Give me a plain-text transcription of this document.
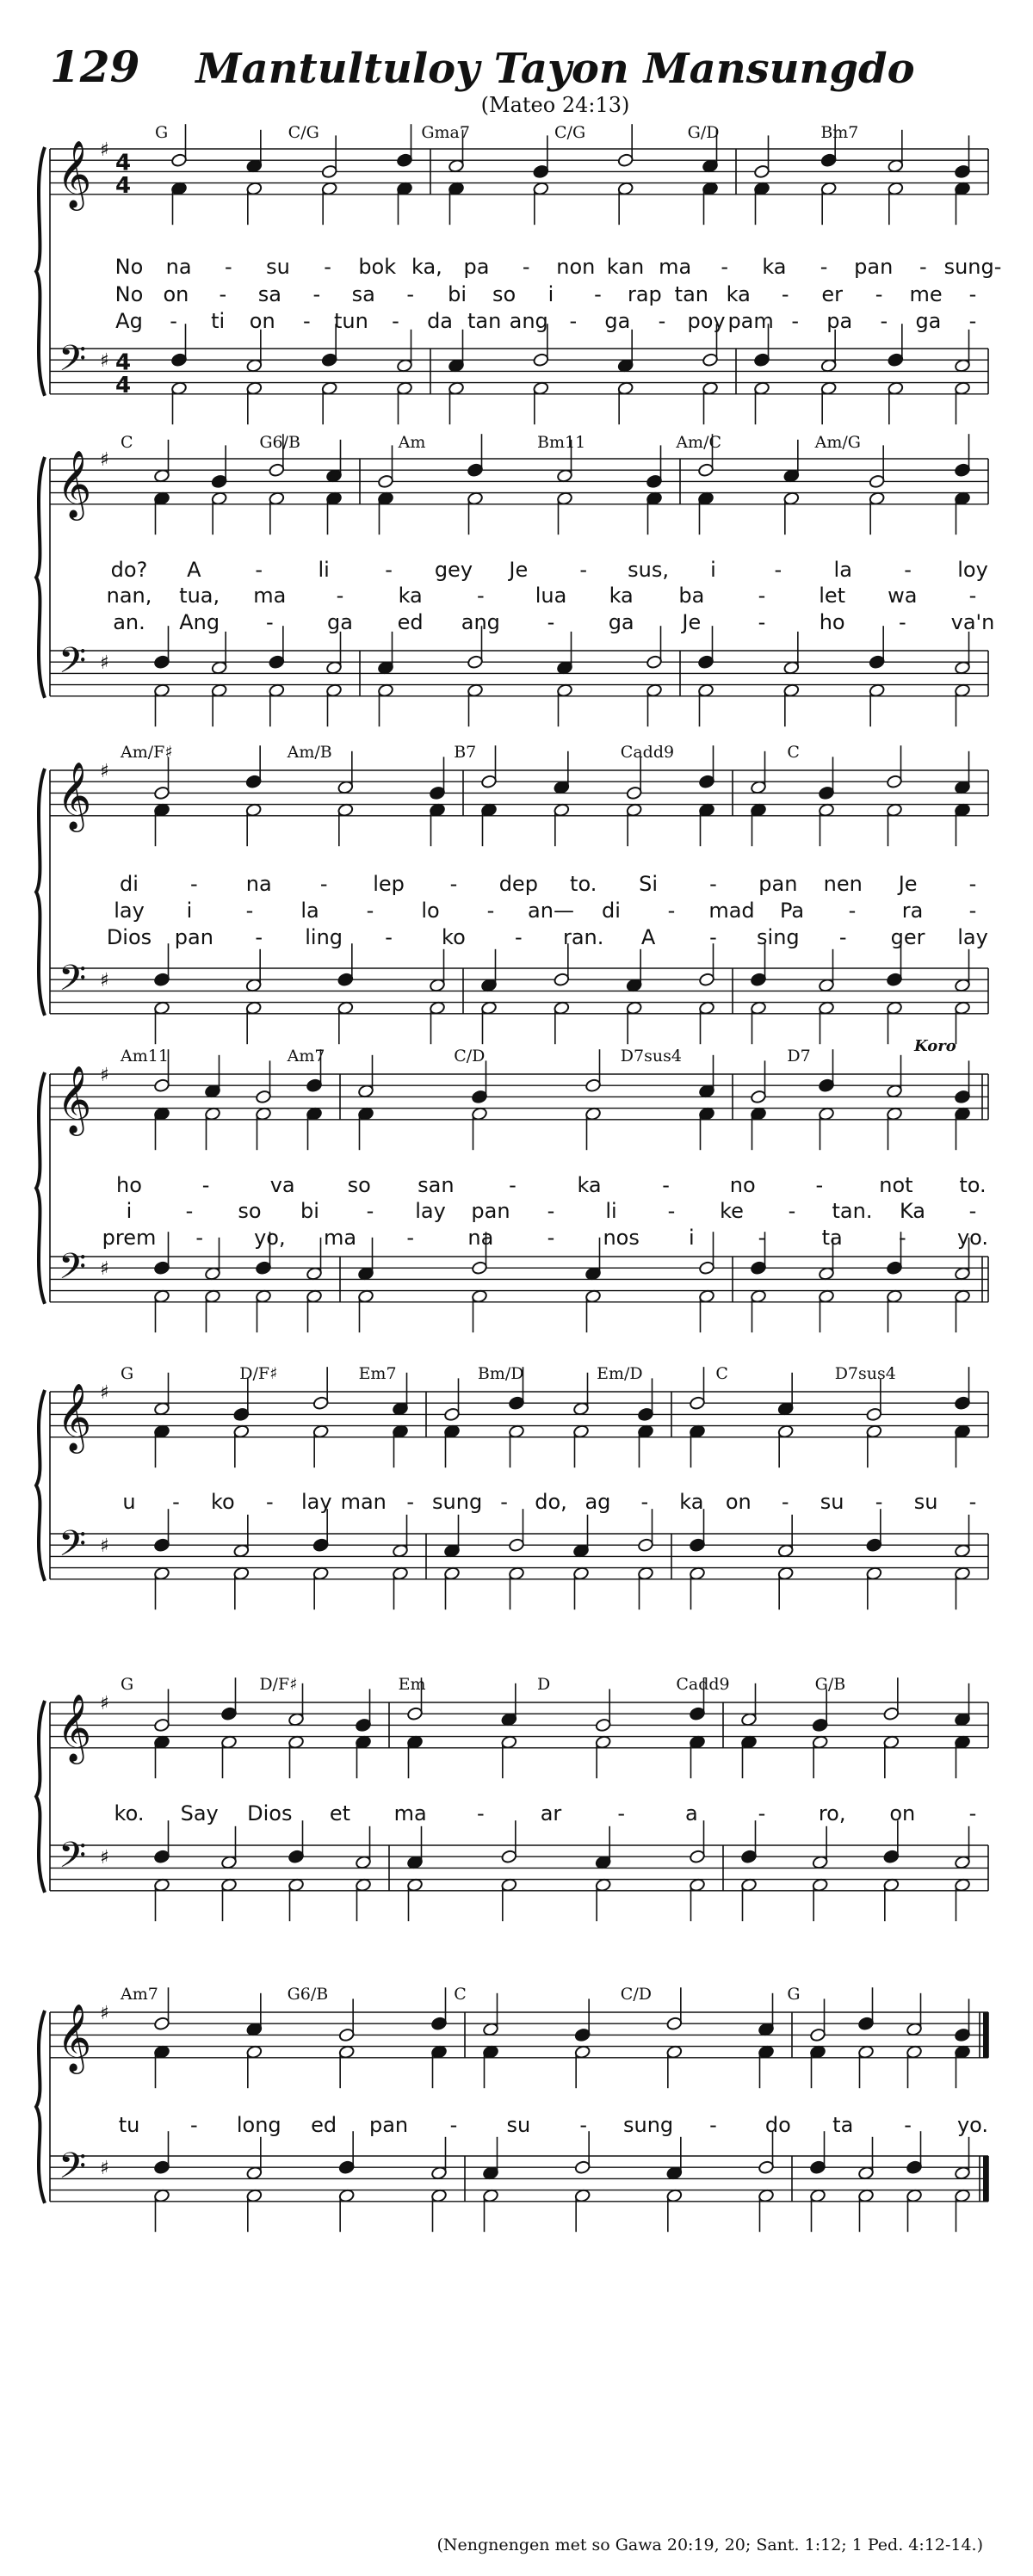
129	Mantultuloy Tayon Mansungdo
(Mateo 24:13)
𝄞
𝄢
♯
♯
4
4
4
4
G	C/G	Gma7	C/G	G/D	Bm7
No na - su - bok ka, pa - non kan ma - ka - pan - sung-
No on - sa - sa - bi so i - rap tan ka - er - me -
Ag - ti on - tun - da tan ang - ga - poy pam - pa - ga -
𝄞
𝄢
♯
♯
C	G6/B	Am	Bm11	Am/C	Am/G
do? A	-	li	- gey Je	- sus, i	-	la	- loy
nan, tua, ma -	ka	- lua ka ba	-	let wa	-
an. Ang -	ga ed ang -	ga Je	-	ho	- va'n
𝄞
𝄢
♯
♯
Am/F♯	Am/B	B7	Cadd9	C
di	- na - lep - dep to. Si	- pan nen Je	-
lay i	- la - lo - an— di - mad Pa - ra -
Dios pan - ling - ko - ran. A	- sing - ger lay
𝄞
𝄢
♯
♯
Am11	Am7	C/D	D7sus4	D7
Koro
ho	-	va	so san	-	ka	-	no	-	not to.
i	- so bi - lay pan - li - ke - tan. Ka -
prem - yo, ma -	na	- nos i	-	ta	- yo.
𝄞
𝄢
♯
♯
G	D/F♯	Em7	Bm/D	Em/D	C	D7sus4
u - ko - lay man - sung - do, ag - ka on - su - su -
𝄞
𝄢
♯
♯
G	D/F♯	Em	D	Cadd9	G/B
ko. Say Dios et ma -	ar	-	a	-	ro, on	-
𝄞
𝄢
♯
♯
Am7	G6/B	C	C/D	G
tu - long ed pan - su - sung - do ta - yo.
(Nengnengen met so Gawa 20:19, 20; Sant. 1:12; 1 Ped. 4:12-14.)
